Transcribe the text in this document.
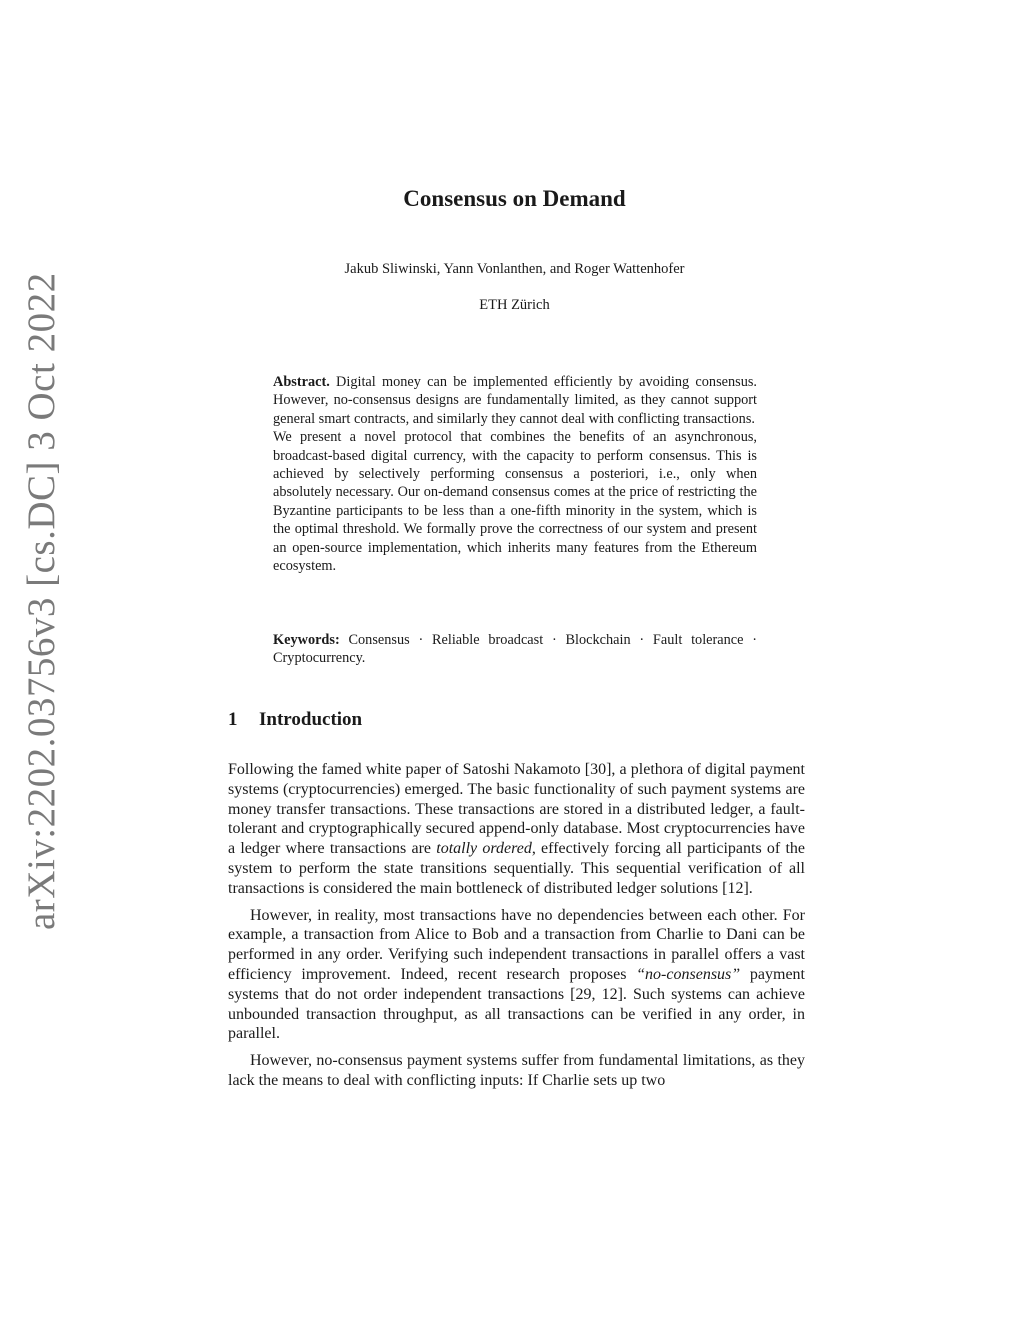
arXiv:2202.03756v3 [cs.DC] 3 Oct 2022
Consensus on Demand
Jakub Sliwinski, Yann Vonlanthen, and Roger Wattenhofer
ETH Zürich

Abstract. Digital money can be implemented efficiently by avoiding consensus. However, no-consensus designs are fundamentally limited, as they cannot support general smart contracts, and similarly they cannot deal with conflicting transactions.

We present a novel protocol that combines the benefits of an asynchronous, broadcast-based digital currency, with the capacity to perform consensus. This is achieved by selectively performing consensus a posteriori, i.e., only when absolutely necessary. Our on-demand consensus comes at the price of restricting the Byzantine participants to be less than a one-fifth minority in the system, which is the optimal threshold. We formally prove the correctness of our system and present an open-source implementation, which inherits many features from the Ethereum ecosystem.

Keywords: Consensus · Reliable broadcast · Blockchain · Fault tolerance · Cryptocurrency.
1 Introduction

Following the famed white paper of Satoshi Nakamoto [30], a plethora of digital payment systems (cryptocurrencies) emerged. The basic functionality of such payment systems are money transfer transactions. These transactions are stored in a distributed ledger, a fault-tolerant and cryptographically secured append-only database. Most cryptocurrencies have a ledger where transactions are totally ordered, effectively forcing all participants of the system to perform the state transitions sequentially. This sequential verification of all transactions is considered the main bottleneck of distributed ledger solutions [12].

However, in reality, most transactions have no dependencies between each other. For example, a transaction from Alice to Bob and a transaction from Charlie to Dani can be performed in any order. Verifying such independent transactions in parallel offers a vast efficiency improvement. Indeed, recent research proposes “no-consensus” payment systems that do not order independent transactions [29, 12]. Such systems can achieve unbounded transaction throughput, as all transactions can be verified in any order, in parallel.

However, no-consensus payment systems suffer from fundamental limitations, as they lack the means to deal with conflicting inputs: If Charlie sets up two
